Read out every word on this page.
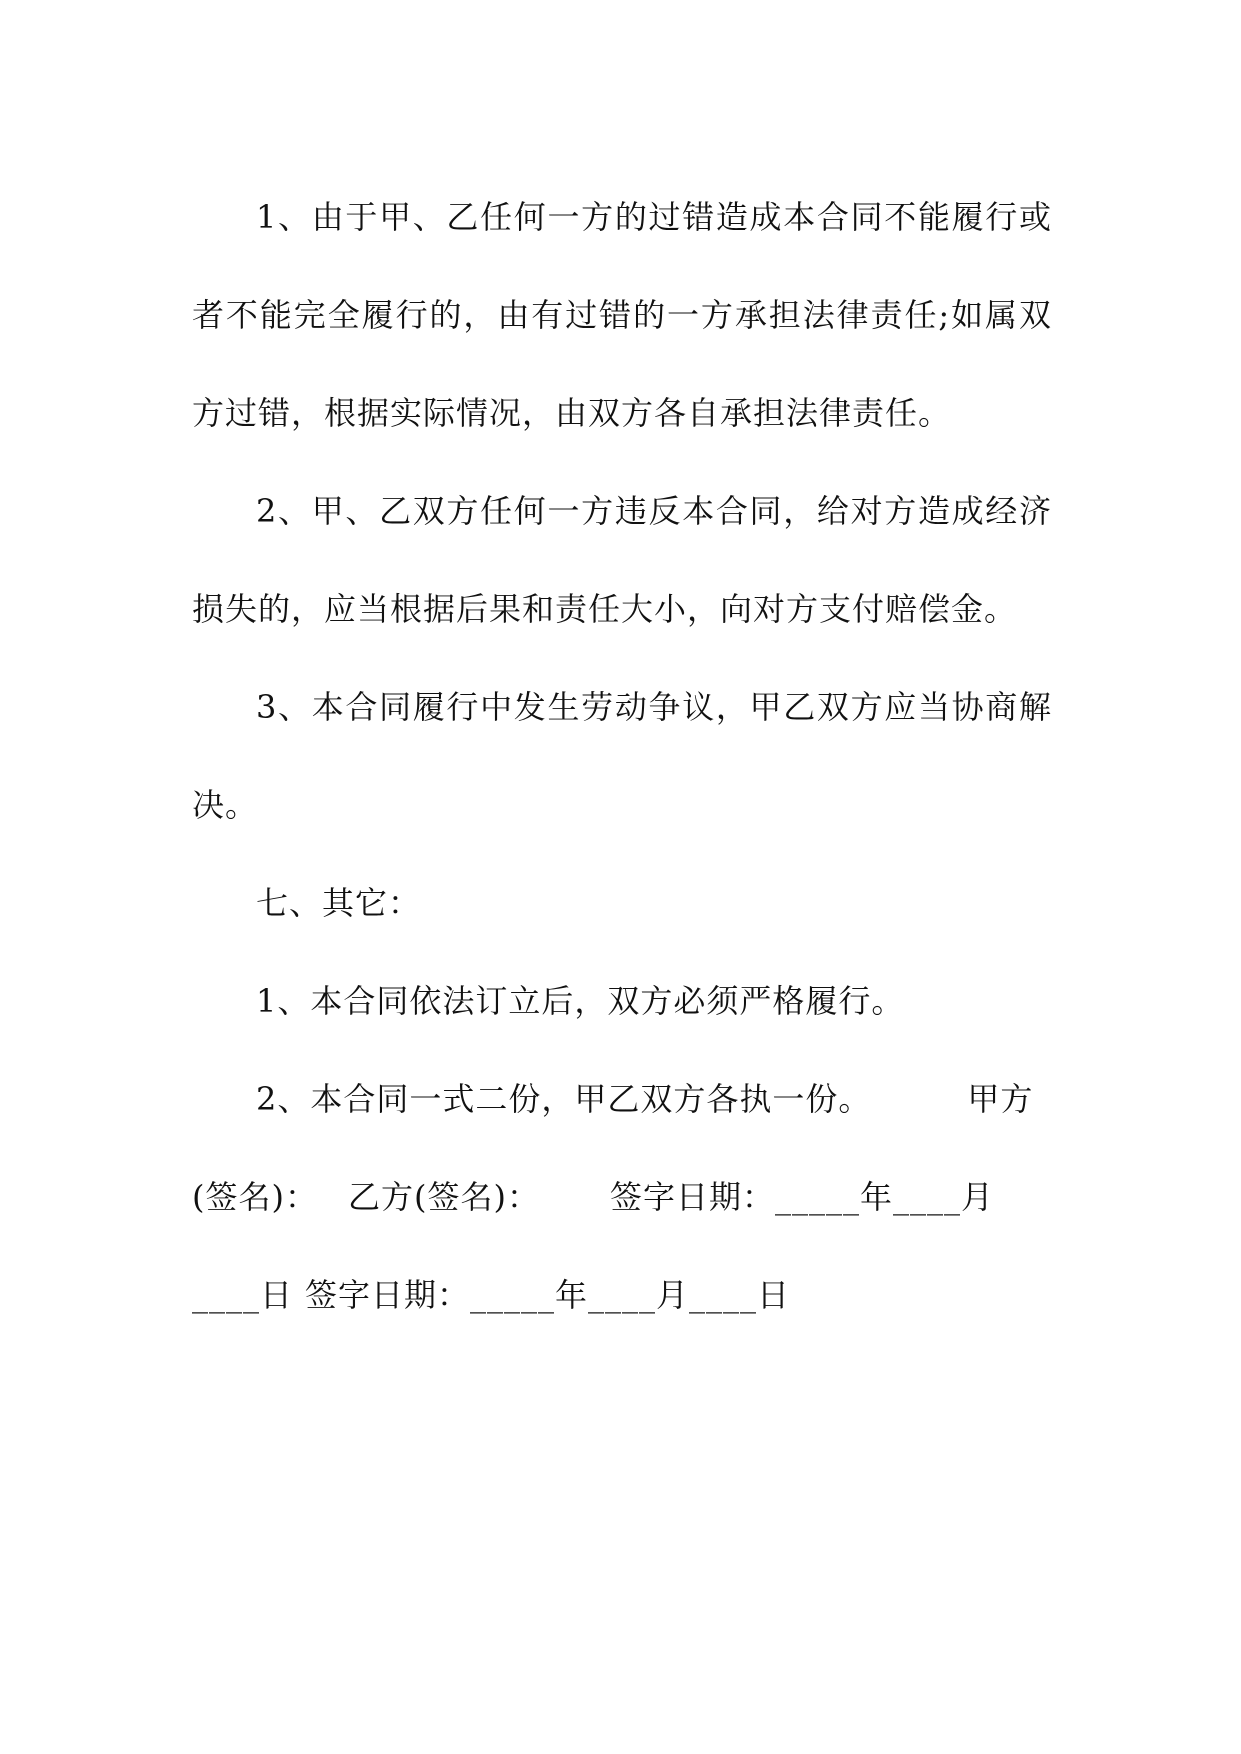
1、由于甲、乙任何一方的过错造成本合同不能履行或者不能完全履行的，由有过错的一方承担法律责任;如属双方过错，根据实际情况，由双方各自承担法律责任。

2、甲、乙双方任何一方违反本合同，给对方造成经济损失的，应当根据后果和责任大小，向对方支付赔偿金。

3、本合同履行中发生劳动争议，甲乙双方应当协商解决。

七、其它：

1、本合同依法订立后，双方必须严格履行。

2、本合同一式二份，甲乙双方各执一份。	甲方(签名)： 乙方(签名)： 签字日期：_____年____月____日 签字日期：_____年____月____日
